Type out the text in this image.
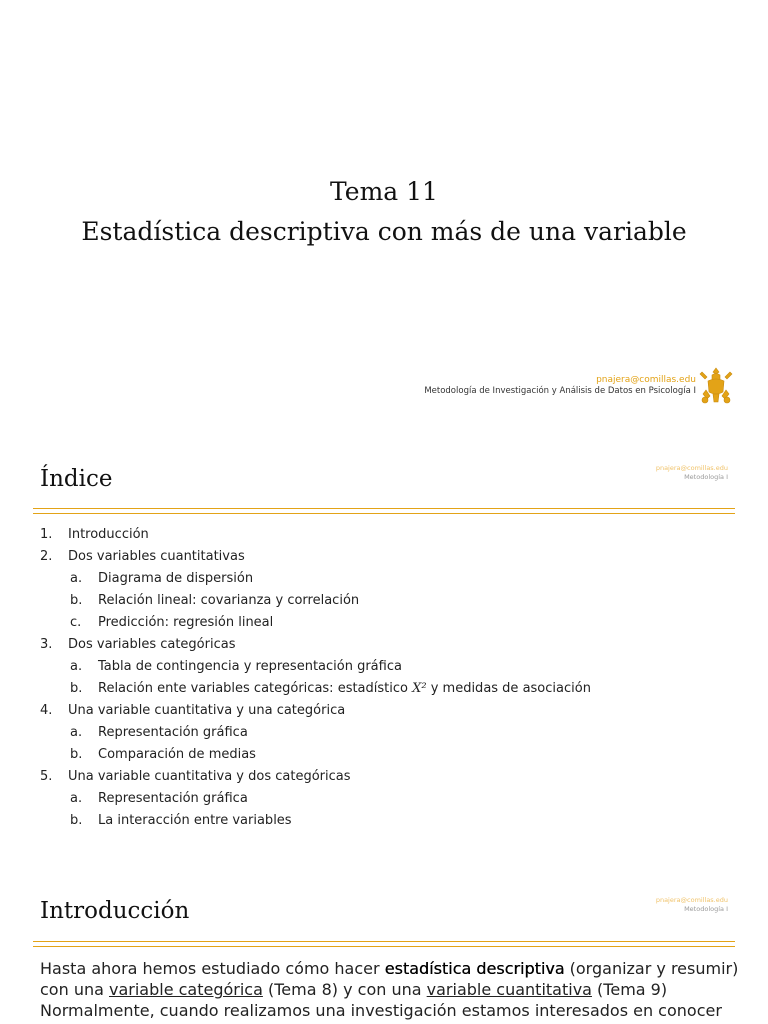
Tema 11
Estadística descriptiva con más de una variable
pnajera@comillas.edu
Metodología de Investigación y Análisis de Datos en Psicología I
Índice	pnajera@comillas.edu
Metodología I
1. Introducción
2. Dos variables cuantitativas
a. Diagrama de dispersión
b. Relación lineal: covarianza y correlación
c. Predicción: regresión lineal
3. Dos variables categóricas
a. Tabla de contingencia y representación gráfica
b. Relación ente variables categóricas: estadístico X² y medidas de asociación
4. Una variable cuantitativa y una categórica
a. Representación gráfica
b. Comparación de medias
5. Una variable cuantitativa y dos categóricas
a. Representación gráfica
b. La interacción entre variables
Introducción	pnajera@comillas.edu
Metodología I
Hasta ahora hemos estudiado cómo hacer estadística descriptiva (organizar y resumir)
con una variable categórica (Tema 8) y con una variable cuantitativa (Tema 9)
Normalmente, cuando realizamos una investigación estamos interesados en conocer
